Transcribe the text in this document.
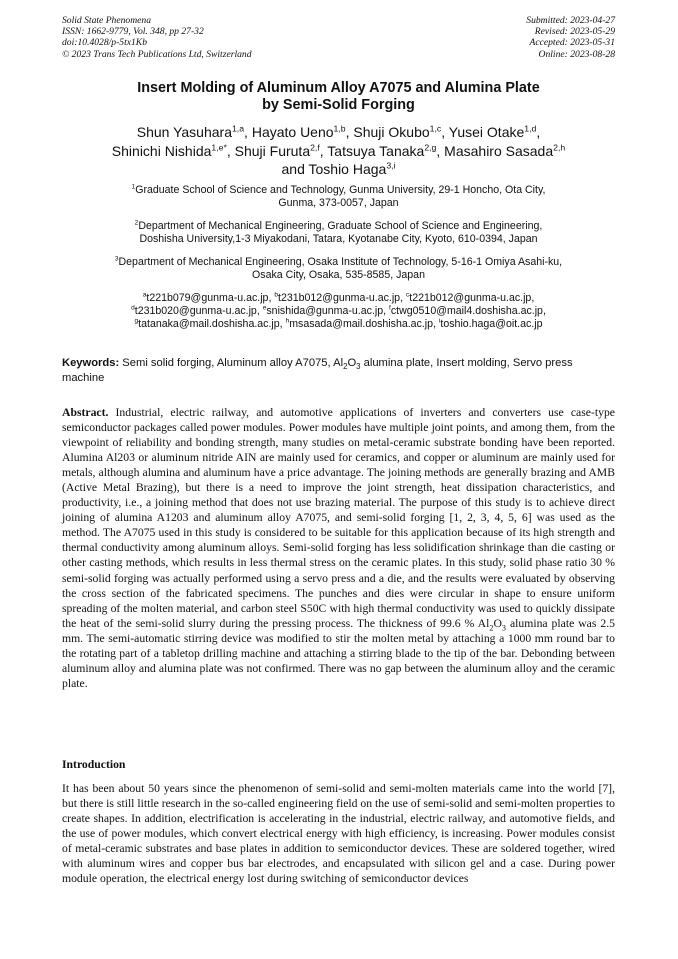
Solid State Phenomena
ISSN: 1662-9779, Vol. 348, pp 27-32
doi:10.4028/p-5tx1Kb
© 2023 Trans Tech Publications Ltd, Switzerland
Submitted: 2023-04-27
Revised: 2023-05-29
Accepted: 2023-05-31
Online: 2023-08-28
Insert Molding of Aluminum Alloy A7075 and Alumina Plate
by Semi-Solid Forging
Shun Yasuhara$^{1,a}$, Hayato Ueno$^{1,b}$, Shuji Okubo$^{1,c}$, Yusei Otake$^{1,d}$,
Shinichi Nishida$^{1,e*}$, Shuji Furuta$^{2,f}$, Tatsuya Tanaka$^{2,g}$, Masahiro Sasada$^{2,h}$
and Toshio Haga$^{3,i}$
$^1$Graduate School of Science and Technology, Gunma University, 29-1 Honcho, Ota City,
Gunma, 373-0057, Japan
$^2$Department of Mechanical Engineering, Graduate School of Science and Engineering,
Doshisha University,1-3 Miyakodani, Tatara, Kyotanabe City, Kyoto, 610-0394, Japan
$^3$Department of Mechanical Engineering, Osaka Institute of Technology, 5-16-1 Omiya Asahi-ku,
Osaka City, Osaka, 535-8585, Japan
$^a$t221b079@gunma-u.ac.jp, $^b$t231b012@gunma-u.ac.jp, $^c$t221b012@gunma-u.ac.jp,
$^d$t231b020@gunma-u.ac.jp, $^e$snishida@gunma-u.ac.jp, $^f$ctwg0510@mail4.doshisha.ac.jp,
$^g$tatanaka@mail.doshisha.ac.jp, $^h$msasada@mail.doshisha.ac.jp, $^i$toshio.haga@oit.ac.jp
Keywords: Semi solid forging, Aluminum alloy A7075, $Al_2O_3$ alumina plate, Insert molding, Servo press machine
Abstract. Industrial, electric railway, and automotive applications of inverters and converters use case-type semiconductor packages called power modules. Power modules have multiple joint points, and among them, from the viewpoint of reliability and bonding strength, many studies on metal-ceramic substrate bonding have been reported. Alumina Al203 or aluminum nitride AIN are mainly used for ceramics, and copper or aluminum are mainly used for metals, although alumina and aluminum have a price advantage. The joining methods are generally brazing and AMB (Active Metal Brazing), but there is a need to improve the joint strength, heat dissipation characteristics, and productivity, i.e., a joining method that does not use brazing material. The purpose of this study is to achieve direct joining of alumina A1203 and aluminum alloy A7075, and semi-solid forging [1, 2, 3, 4, 5, 6] was used as the method. The A7075 used in this study is considered to be suitable for this application because of its high strength and thermal conductivity among aluminum alloys. Semi-solid forging has less solidification shrinkage than die casting or other casting methods, which results in less thermal stress on the ceramic plates. In this study, solid phase ratio 30 % semi-solid forging was actually performed using a servo press and a die, and the results were evaluated by observing the cross section of the fabricated specimens. The punches and dies were circular in shape to ensure uniform spreading of the molten material, and carbon steel S50C with high thermal conductivity was used to quickly dissipate the heat of the semi-solid slurry during the pressing process. The thickness of 99.6 % $Al_2O_3$ alumina plate was 2.5 mm. The semi-automatic stirring device was modified to stir the molten metal by attaching a 1000 mm round bar to the rotating part of a tabletop drilling machine and attaching a stirring blade to the tip of the bar. Debonding between aluminum alloy and alumina plate was not confirmed. There was no gap between the aluminum alloy and the ceramic plate.
Introduction
It has been about 50 years since the phenomenon of semi-solid and semi-molten materials came into the world [7], but there is still little research in the so-called engineering field on the use of semi-solid and semi-molten properties to create shapes. In addition, electrification is accelerating in the industrial, electric railway, and automotive fields, and the use of power modules, which convert electrical energy with high efficiency, is increasing. Power modules consist of metal-ceramic substrates and base plates in addition to semiconductor devices. These are soldered together, wired with aluminum wires and copper bus bar electrodes, and encapsulated with silicon gel and a case. During power module operation, the electrical energy lost during switching of semiconductor devices
